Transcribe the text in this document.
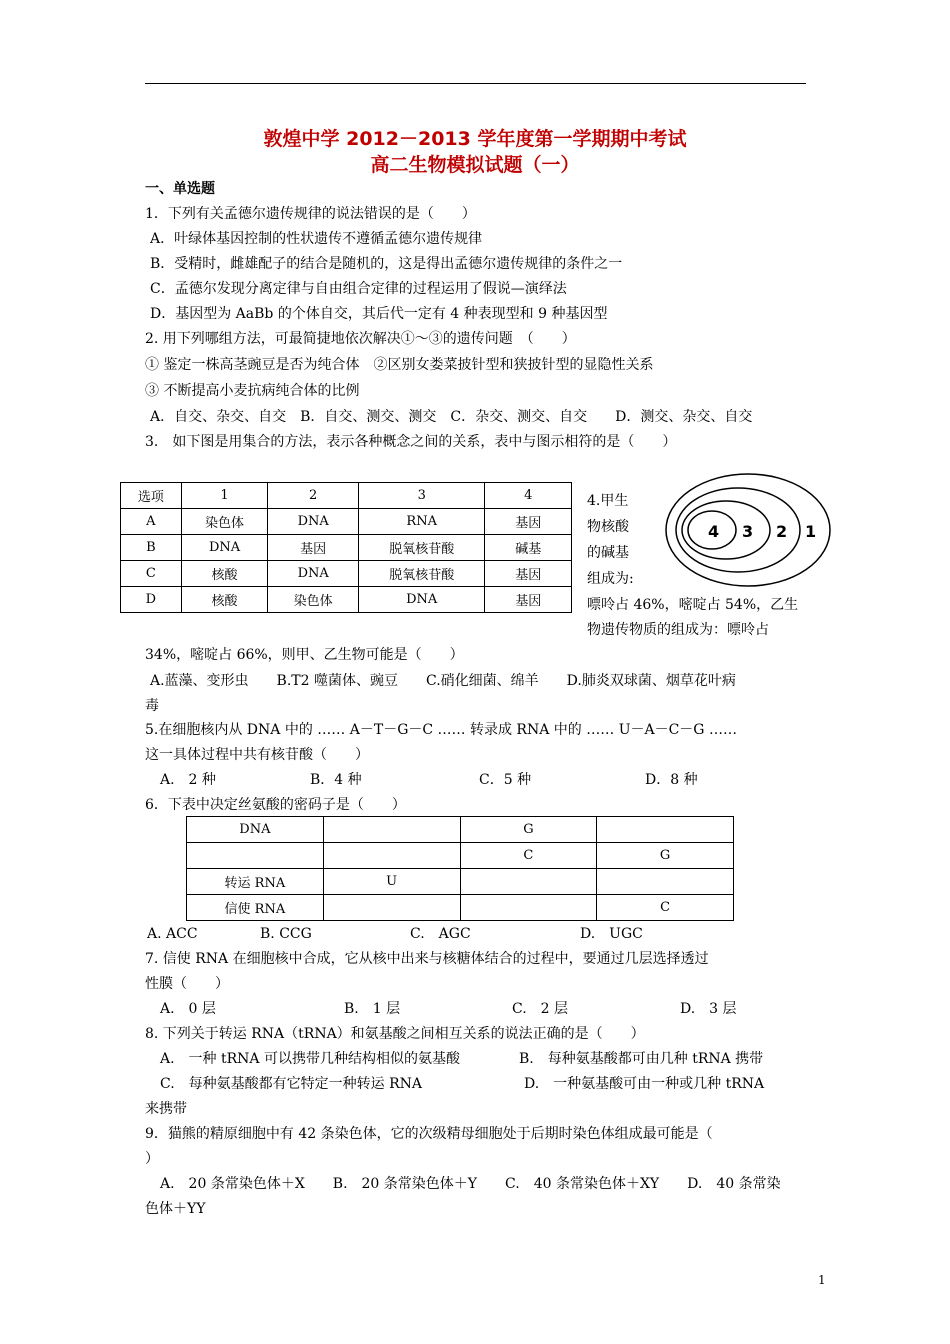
敦煌中学 2012－2013 学年度第一学期期中考试
高二生物模拟试题（一）
一、单选题
1．下列有关孟德尔遗传规律的说法错误的是（　　）
A．叶绿体基因控制的性状遗传不遵循孟德尔遗传规律
B．受精时，雌雄配子的结合是随机的，这是得出孟德尔遗传规律的条件之一
C．孟德尔发现分离定律与自由组合定律的过程运用了假说—演绎法
D．基因型为 AaBb 的个体自交，其后代一定有 4 种表现型和 9 种基因型
2. 用下列哪组方法，可最简捷地依次解决①～③的遗传问题　（　　）
① 鉴定一株高茎豌豆是否为纯合体　②区别女娄菜披针型和狭披针型的显隐性关系
③ 不断提高小麦抗病纯合体的比例
A．自交、杂交、自交　B．自交、测交、测交　C．杂交、测交、自交　　D．测交、杂交、自交
3.　如下图是用集合的方法，表示各种概念之间的关系，表中与图示相符的是（　　）
选项	1	2	3	4
A	染色体	DNA	RNA	基因
B	DNA	基因	脱氧核苷酸	碱基
C	核酸	DNA	脱氧核苷酸	基因
D	核酸	染色体	DNA	基因
4.甲生
物核酸
的碱基
组成为:
嘌呤占 46%，嘧啶占 54%，乙生
物遗传物质的组成为：嘌呤占
4 3 2 1
34%，嘧啶占 66%，则甲、乙生物可能是（　　）
A.蓝藻、变形虫　　B.T2 噬菌体、豌豆　　C.硝化细菌、绵羊　　D.肺炎双球菌、烟草花叶病
毒
5.在细胞核内从 DNA 中的 …… A－T－G－C …… 转录成 RNA 中的 …… U－A－C－G ……
这一具体过程中共有核苷酸（　　）
A.　2 种	B．4 种	C．5 种	D．8 种
6．下表中决定丝氨酸的密码子是（　　）
DNA		G	
		C	G
转运 RNA	U		
信使 RNA			C
A. ACC	B. CCG	C.　AGC	D.　UGC
7. 信使 RNA 在细胞核中合成，它从核中出来与核糖体结合的过程中，要通过几层选择透过
性膜（　　）
A.　0 层	B.　1 层	C.　2 层	D.　3 层
8. 下列关于转运 RNA（tRNA）和氨基酸之间相互关系的说法正确的是（　　）
A.　一种 tRNA 可以携带几种结构相似的氨基酸	B.　每种氨基酸都可由几种 tRNA 携带
C.　每种氨基酸都有它特定一种转运 RNA	D.　一种氨基酸可由一种或几种 tRNA
来携带
9．猫熊的精原细胞中有 42 条染色体，它的次级精母细胞处于后期时染色体组成最可能是（
）
A.　20 条常染色体＋X　　B.　20 条常染色体＋Y　　C.　40 条常染色体＋XY　　D.　40 条常染
色体＋YY
1
